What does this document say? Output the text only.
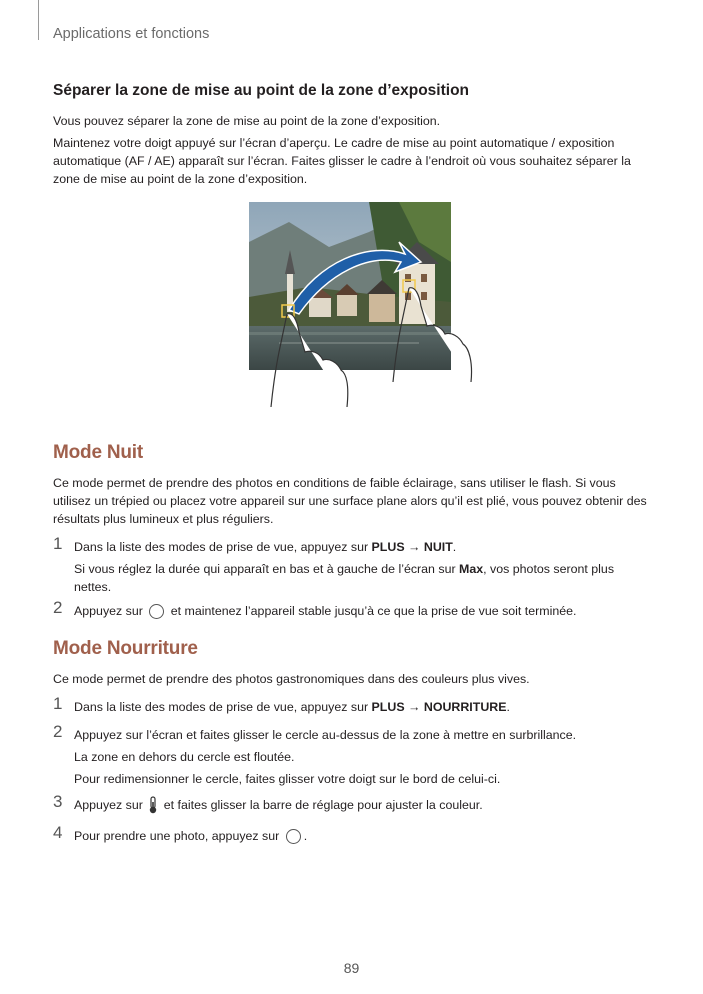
Applications et fonctions
Séparer la zone de mise au point de la zone d’exposition

Vous pouvez séparer la zone de mise au point de la zone d’exposition.

Maintenez votre doigt appuyé sur l’écran d’aperçu. Le cadre de mise au point automatique / exposition automatique (AF / AE) apparaît sur l’écran. Faites glisser le cadre à l’endroit où vous souhaitez séparer la zone de mise au point de la zone d’exposition.

Mode Nuit

Ce mode permet de prendre des photos en conditions de faible éclairage, sans utiliser le flash. Si vous utilisez un trépied ou placez votre appareil sur une surface plane alors qu’il est plié, vous pouvez obtenir des résultats plus lumineux et plus réguliers.

1 Dans la liste des modes de prise de vue, appuyez sur PLUS → NUIT.
Si vous réglez la durée qui apparaît en bas et à gauche de l’écran sur Max, vos photos seront plus nettes.
2 Appuyez sur  et maintenez l’appareil stable jusqu’à ce que la prise de vue soit terminée.
Mode Nourriture

Ce mode permet de prendre des photos gastronomiques dans des couleurs plus vives.

1 Dans la liste des modes de prise de vue, appuyez sur PLUS → NOURRITURE.
2 Appuyez sur l’écran et faites glisser le cercle au-dessus de la zone à mettre en surbrillance.
La zone en dehors du cercle est floutée.
Pour redimensionner le cercle, faites glisser votre doigt sur le bord de celui-ci.
3 Appuyez sur  et faites glisser la barre de réglage pour ajuster la couleur.
4 Pour prendre une photo, appuyez sur .
89
